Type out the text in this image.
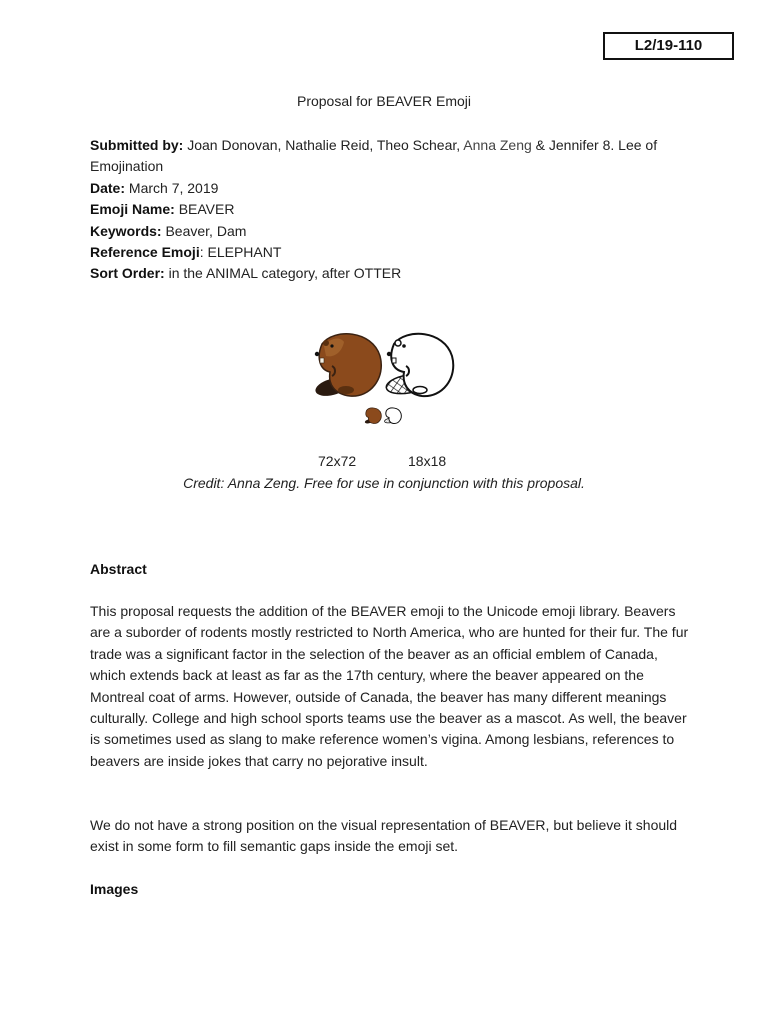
L2/19-110
Proposal for BEAVER Emoji

Submitted by: Joan Donovan, Nathalie Reid, Theo Schear, Anna Zeng & Jennifer 8. Lee of Emojination

Date: March 7, 2019

Emoji Name: BEAVER

Keywords: Beaver, Dam

Reference Emoji: ELEPHANT

Sort Order: in the ANIMAL category, after OTTER

72x72	18x18
Credit: Anna Zeng. Free for use in conjunction with this proposal.
Abstract

This proposal requests the addition of the BEAVER emoji to the Unicode emoji library. Beavers are a suborder of rodents mostly restricted to North America, who are hunted for their fur. The fur trade was a significant factor in the selection of the beaver as an official emblem of Canada, which extends back at least as far as the 17th century, where the beaver appeared on the Montreal coat of arms. However, outside of Canada, the beaver has many different meanings culturally. College and high school sports teams use the beaver as a mascot. As well, the beaver is sometimes used as slang to make reference women’s vigina. Among lesbians, references to beavers are inside jokes that carry no pejorative insult.

We do not have a strong position on the visual representation of BEAVER, but believe it should exist in some form to fill semantic gaps inside the emoji set.

Images
